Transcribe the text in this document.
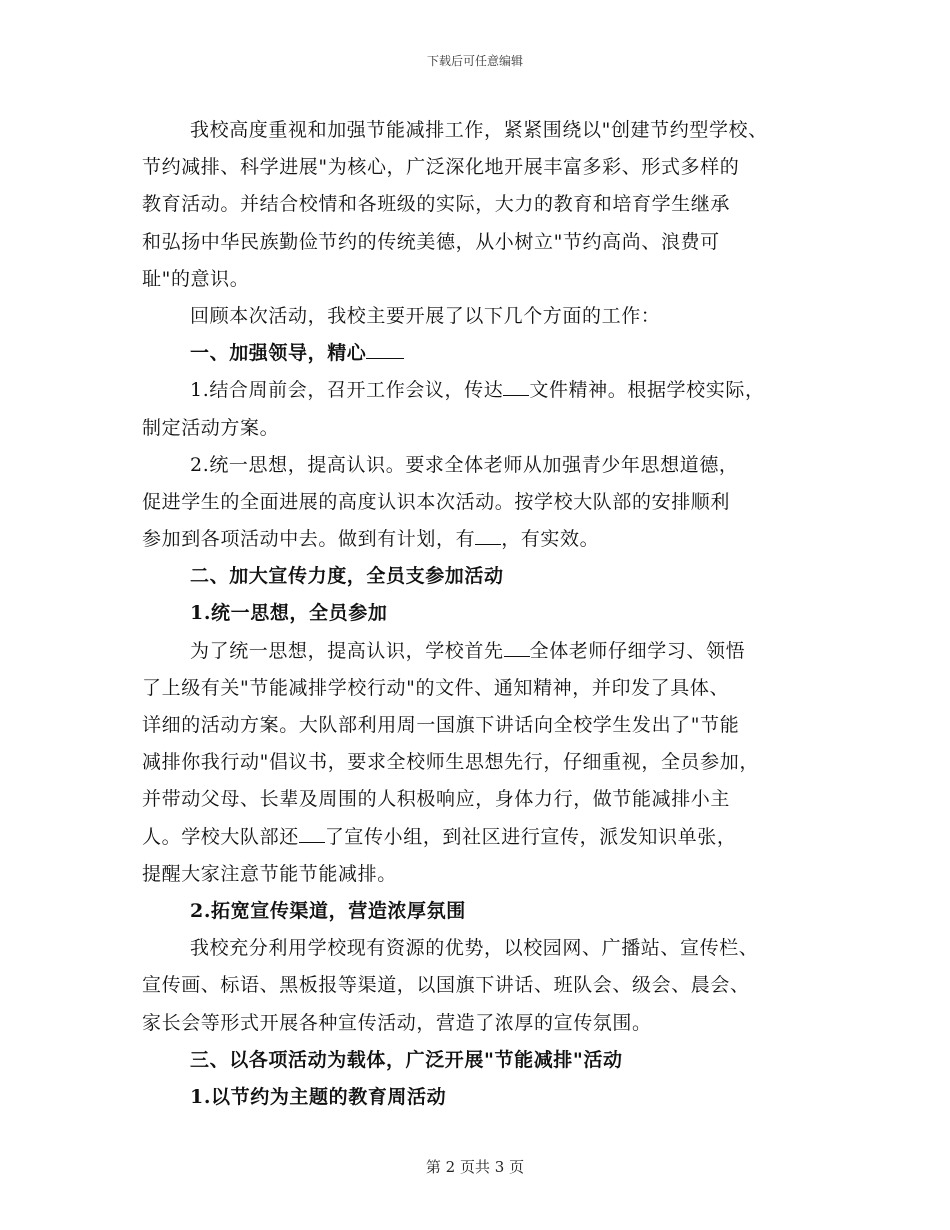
下载后可任意编辑
我校高度重视和加强节能减排工作，紧紧围绕以"创建节约型学校、
节约减排、科学进展"为核心，广泛深化地开展丰富多彩、形式多样的
教育活动。并结合校情和各班级的实际，大力的教育和培育学生继承
和弘扬中华民族勤俭节约的传统美德，从小树立"节约高尚、浪费可
耻"的意识。
回顾本次活动，我校主要开展了以下几个方面的工作：
一、加强领导，精心
1.结合周前会，召开工作会议，传达 文件精神。根据学校实际，
制定活动方案。
2.统一思想，提高认识。要求全体老师从加强青少年思想道德，
促进学生的全面进展的高度认识本次活动。按学校大队部的安排顺利
参加到各项活动中去。做到有计划，有 ，有实效。
二、加大宣传力度，全员支参加活动
1.统一思想，全员参加
为了统一思想，提高认识，学校首先 全体老师仔细学习、领悟
了上级有关"节能减排学校行动"的文件、通知精神，并印发了具体、
详细的活动方案。大队部利用周一国旗下讲话向全校学生发出了"节能
减排你我行动"倡议书，要求全校师生思想先行，仔细重视，全员参加，
并带动父母、长辈及周围的人积极响应，身体力行，做节能减排小主
人。学校大队部还 了宣传小组，到社区进行宣传，派发知识单张，
提醒大家注意节能节能减排。
2.拓宽宣传渠道，营造浓厚氛围
我校充分利用学校现有资源的优势，以校园网、广播站、宣传栏、
宣传画、标语、黑板报等渠道，以国旗下讲话、班队会、级会、晨会、
家长会等形式开展各种宣传活动，营造了浓厚的宣传氛围。
三、以各项活动为载体，广泛开展"节能减排"活动
1.以节约为主题的教育周活动
第 2 页共 3 页
